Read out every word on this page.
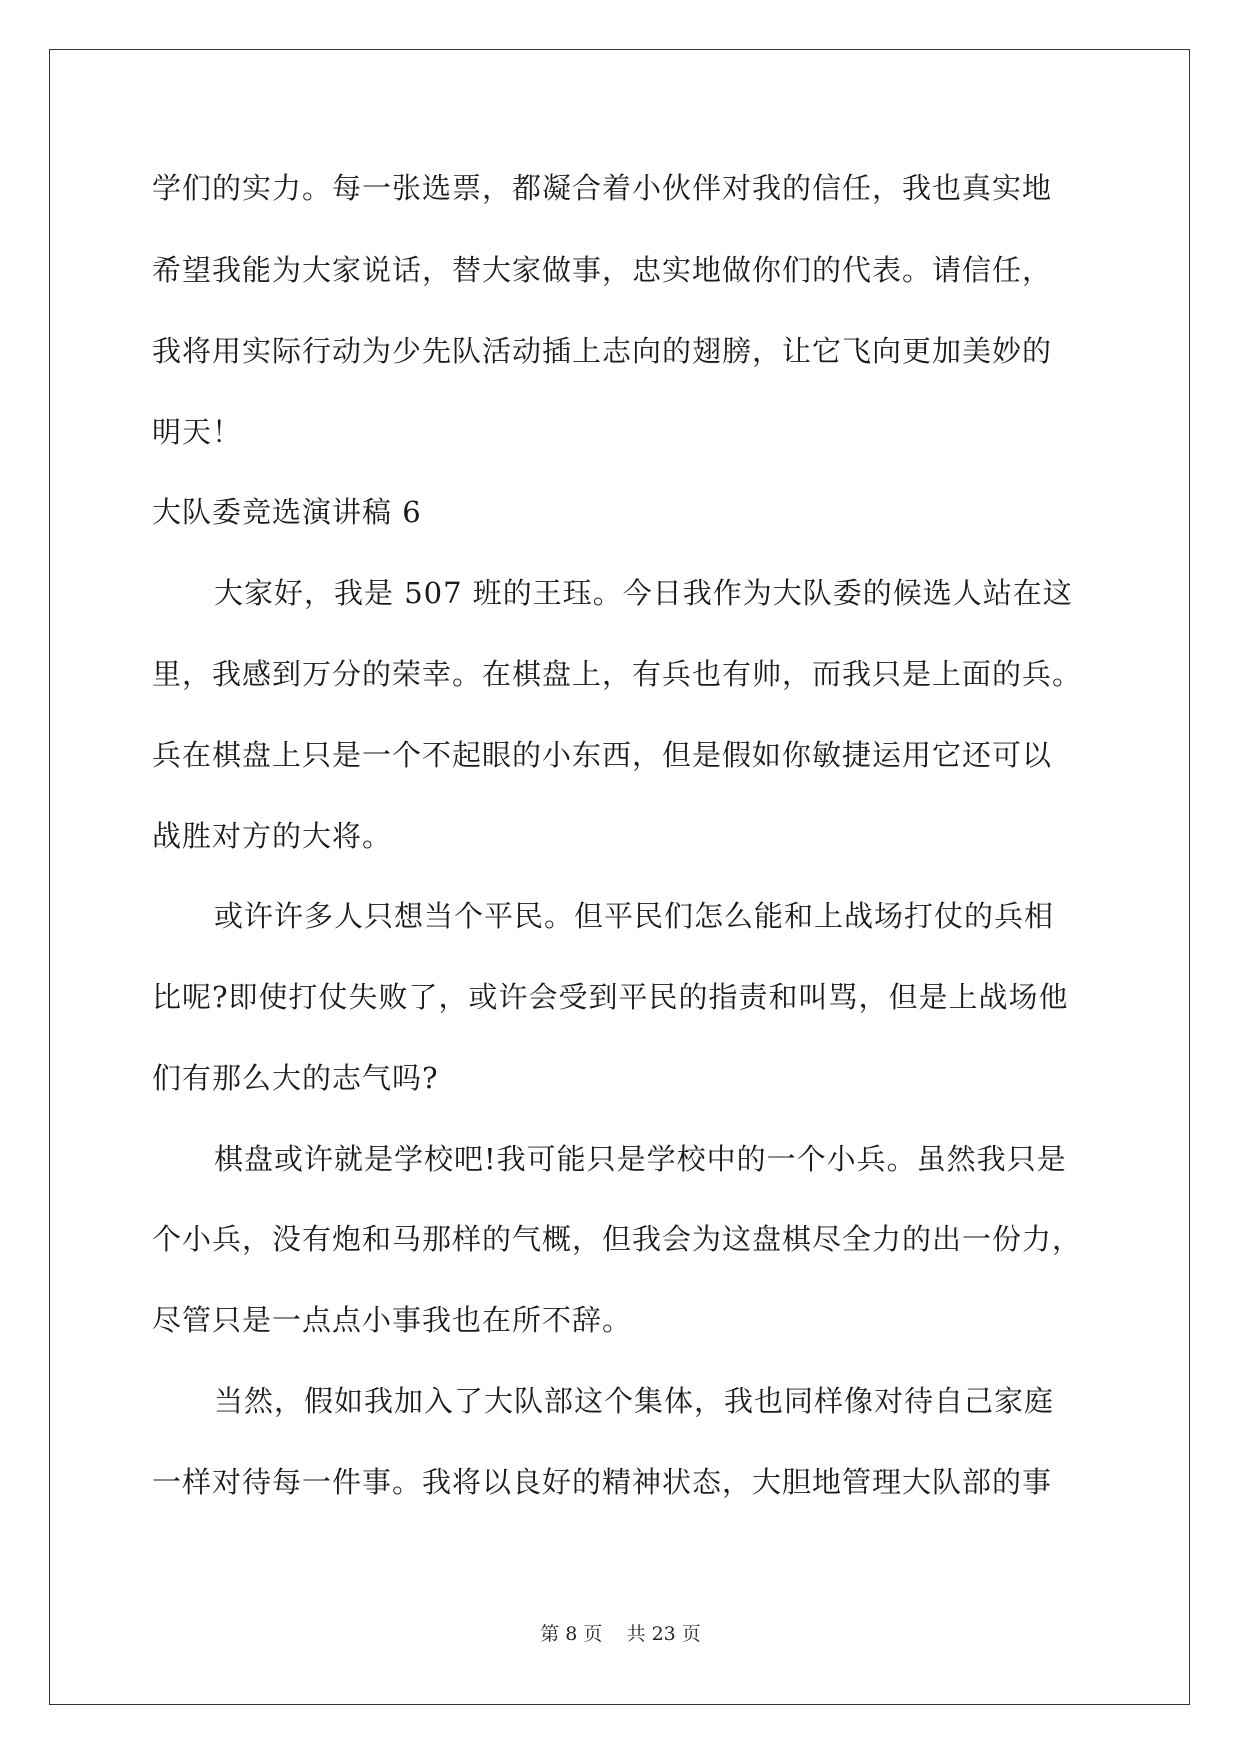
学们的实力。每一张选票，都凝合着小伙伴对我的信任，我也真实地
希望我能为大家说话，替大家做事，忠实地做你们的代表。请信任，
我将用实际行动为少先队活动插上志向的翅膀，让它飞向更加美妙的
明天！
大队委竞选演讲稿 6
大家好，我是 507 班的王珏。今日我作为大队委的候选人站在这
里，我感到万分的荣幸。在棋盘上，有兵也有帅，而我只是上面的兵。
兵在棋盘上只是一个不起眼的小东西，但是假如你敏捷运用它还可以
战胜对方的大将。
或许许多人只想当个平民。但平民们怎么能和上战场打仗的兵相
比呢?即使打仗失败了，或许会受到平民的指责和叫骂，但是上战场他
们有那么大的志气吗?
棋盘或许就是学校吧!我可能只是学校中的一个小兵。虽然我只是
个小兵，没有炮和马那样的气概，但我会为这盘棋尽全力的出一份力，
尽管只是一点点小事我也在所不辞。
当然，假如我加入了大队部这个集体，我也同样像对待自己家庭
一样对待每一件事。我将以良好的精神状态，大胆地管理大队部的事
第 8 页 共 23 页
